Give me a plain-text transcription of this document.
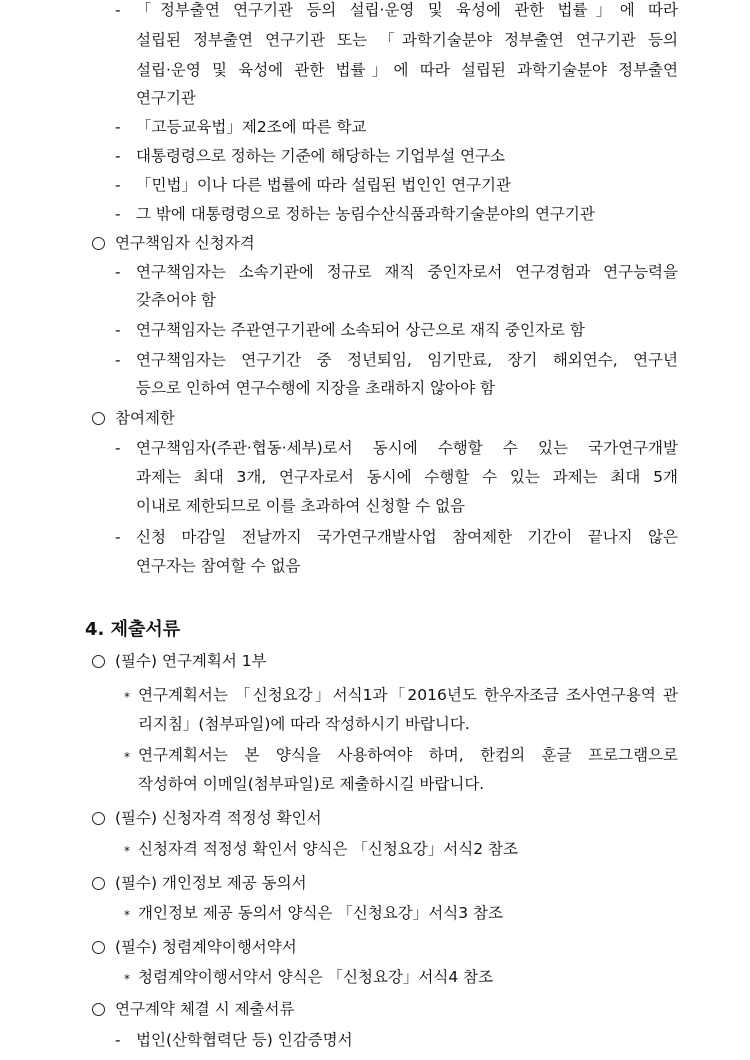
- 「정부출연 연구기관 등의 설립·운영 및 육성에 관한 법률」에 따라
설립된 정부출연 연구기관 또는 「과학기술분야 정부출연 연구기관 등의
설립·운영 및 육성에 관한 법률」에 따라 설립된 과학기술분야 정부출연
연구기관
- 「고등교육법」제2조에 따른 학교
- 대통령령으로 정하는 기준에 해당하는 기업부설 연구소
- 「민법」이나 다른 법률에 따라 설립된 법인인 연구기관
- 그 밖에 대통령령으로 정하는 농림수산식품과학기술분야의 연구기관
연구책임자 신청자격
- 연구책임자는 소속기관에 정규로 재직 중인자로서 연구경험과 연구능력을
갖추어야 함
- 연구책임자는 주관연구기관에 소속되어 상근으로 재직 중인자로 함
- 연구책임자는 연구기간 중 정년퇴임, 임기만료, 장기 해외연수, 연구년
등으로 인하여 연구수행에 지장을 초래하지 않아야 함
참여제한
- 연구책임자(주관·협동·세부)로서 동시에 수행할 수 있는 국가연구개발
과제는 최대 3개, 연구자로서 동시에 수행할 수 있는 과제는 최대 5개
이내로 제한되므로 이를 초과하여 신청할 수 없음
- 신청 마감일 전날까지 국가연구개발사업 참여제한 기간이 끝나지 않은
연구자는 참여할 수 없음
4. 제출서류
(필수) 연구계획서 1부
* 연구계획서는 「신청요강」서식1과「2016년도 한우자조금 조사연구용역 관
리지침」(첨부파일)에 따라 작성하시기 바랍니다.
* 연구계획서는 본 양식을 사용하여야 하며, 한컴의 훈글 프로그램으로
작성하여 이메일(첨부파일)로 제출하시길 바랍니다.
(필수) 신청자격 적정성 확인서
* 신청자격 적정성 확인서 양식은 「신청요강」서식2 참조
(필수) 개인정보 제공 동의서
* 개인정보 제공 동의서 양식은 「신청요강」서식3 참조
(필수) 청렴계약이행서약서
* 청렴계약이행서약서 양식은 「신청요강」서식4 참조
연구계약 체결 시 제출서류
- 법인(산학협력단 등) 인감증명서
